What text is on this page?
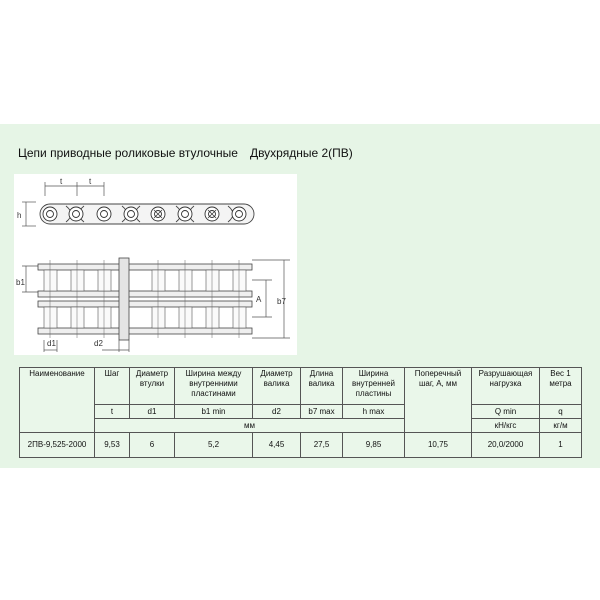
Цепи приводные роликовые втулочные Двухрядные 2(ПВ)
t	t
h
b1
A b7
d1	d2
Наименование	Шаг	Диаметр втулки	Ширина между внутренними пластинами	Диаметр валика	Длина валика	Ширина внутренней пластины	Поперечный шаг, А, мм	Разрушающая нагрузка	Вес 1 метра
	t	d1	b1 min	d2	b7 max	h max		Q min	q
	мм							кН/кгс	кг/м
2ПВ-9,525-2000	9,53	6	5,2	4,45	27,5	9,85	10,75	20,0/2000	1
